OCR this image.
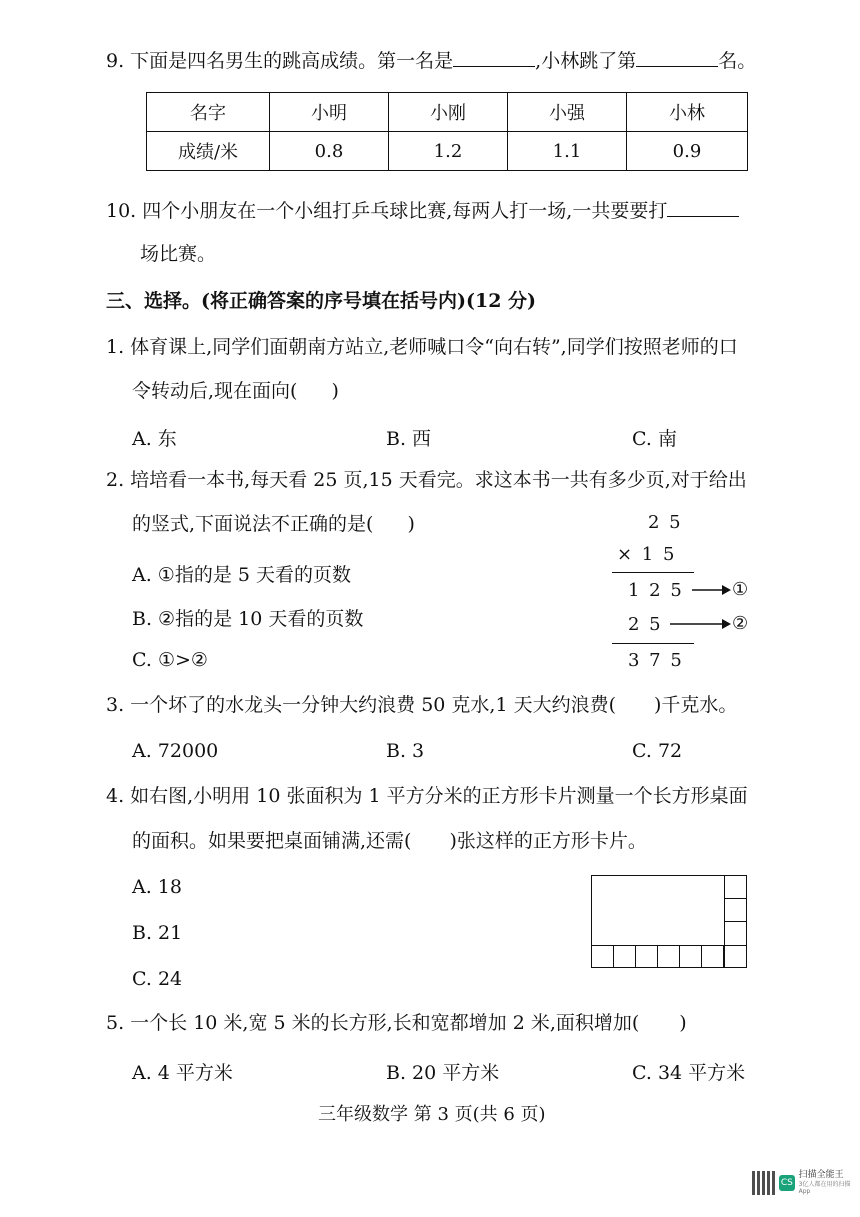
9. 下面是四名男生的跳高成绩。第一名是	,小林跳了第	名。
名字	小明	小刚	小强	小林
成绩/米	0.8	1.2	1.1	0.9
10. 四个小朋友在一个小组打乒乓球比赛,每两人打一场,一共要要打
场比赛。
三、选择。(将正确答案的序号填在括号内)(12 分)
1. 体育课上,同学们面朝南方站立,老师喊口令“向右转”,同学们按照老师的口
令转动后,现在面向( )
A. 东	B. 西	C. 南
2. 培培看一本书,每天看 25 页,15 天看完。求这本书一共有多少页,对于给出
的竖式,下面说法不正确的是( )
A. ①指的是 5 天看的页数
B. ②指的是 10 天看的页数
C. ①>②
2 5
× 1 5
1 2 5
2 5
3 7 5
①
②
3. 一个坏了的水龙头一分钟大约浪费 50 克水,1 天大约浪费( )千克水。
A. 72000	B. 3	C. 72
4. 如右图,小明用 10 张面积为 1 平方分米的正方形卡片测量一个长方形桌面
的面积。如果要把桌面铺满,还需( )张这样的正方形卡片。
A. 18
B. 21
C. 24
5. 一个长 10 米,宽 5 米的长方形,长和宽都增加 2 米,面积增加( )
A. 4 平方米	B. 20 平方米	C. 34 平方米
三年级数学 第 3 页(共 6 页)
CS
扫描全能王
3亿人都在用的扫描App
